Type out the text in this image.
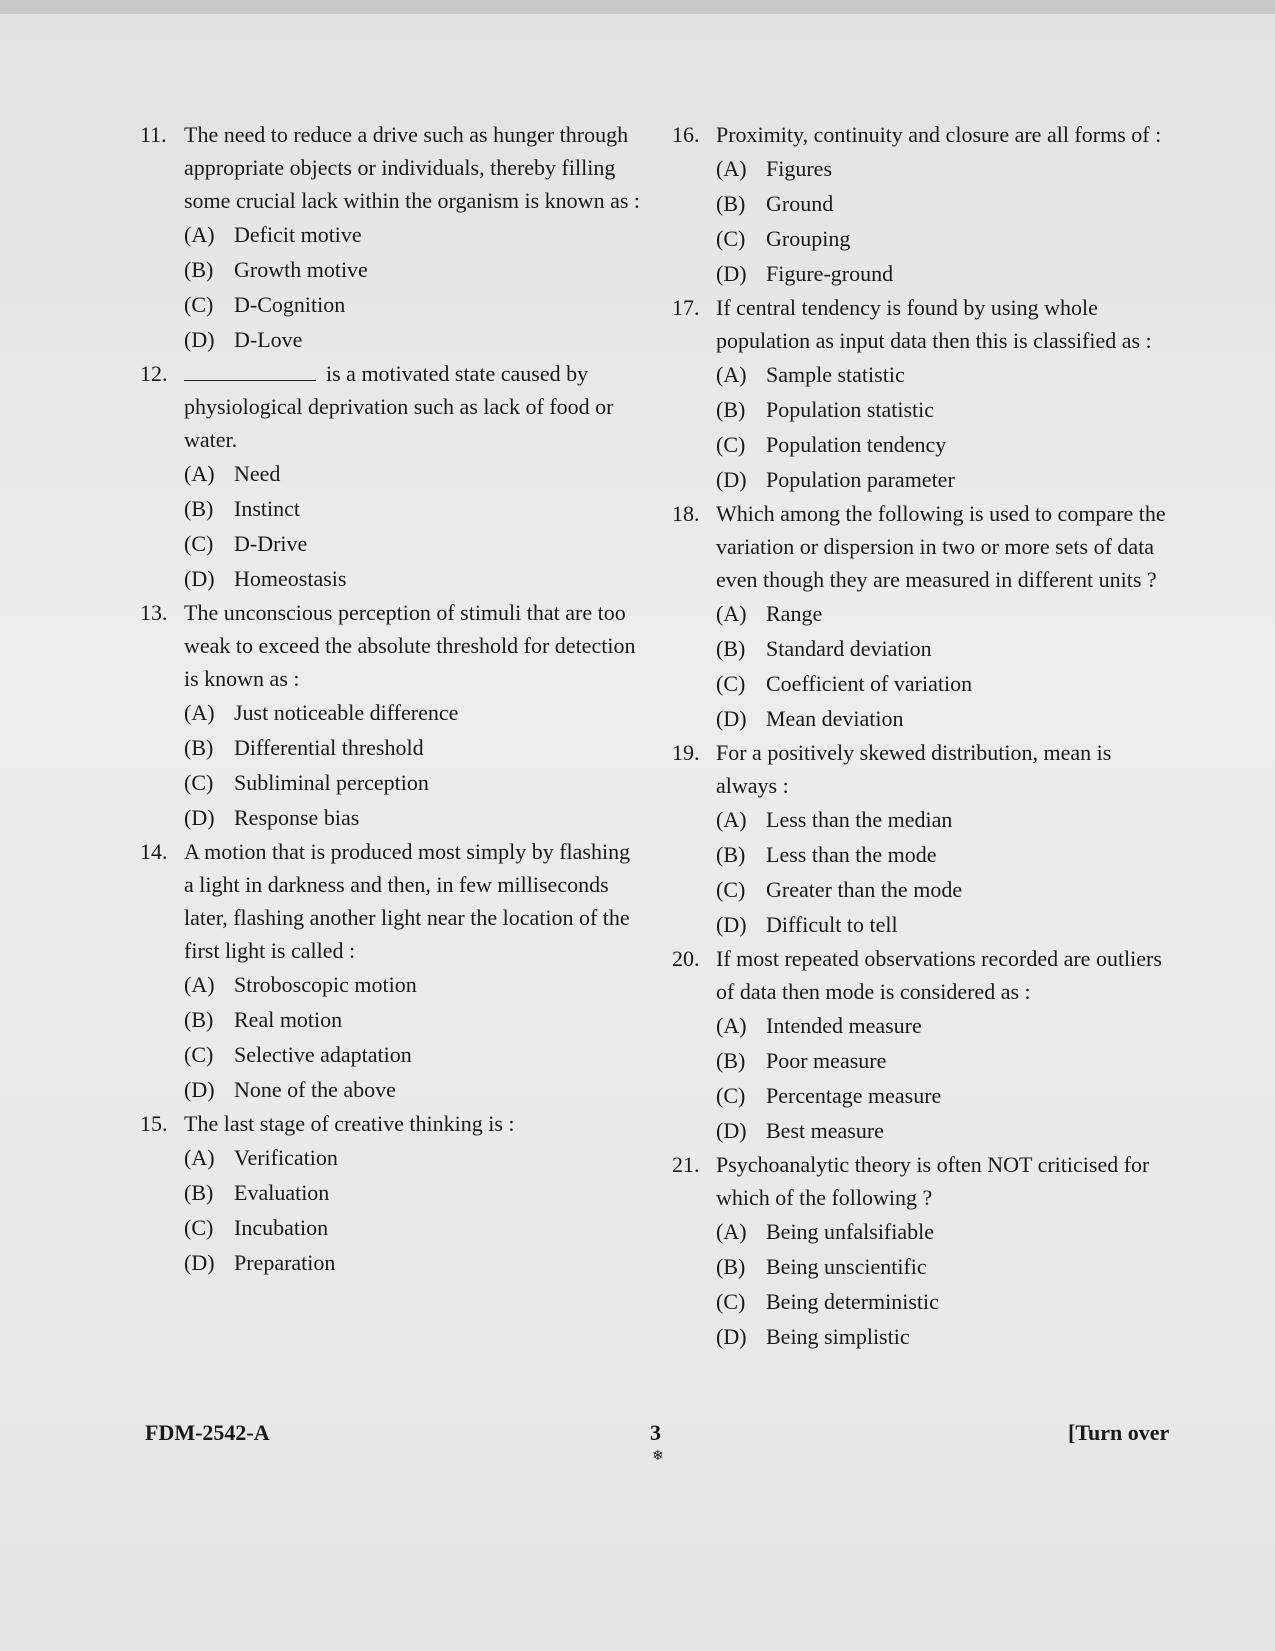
11. The need to reduce a drive such as hunger through appropriate objects or individuals, thereby filling some crucial lack within the organism is known as :
(A) Deficit motive
(B) Growth motive
(C) D-Cognition
(D) D-Love
12.	is a motivated state caused by physiological deprivation such as lack of food or water.
(A) Need
(B) Instinct
(C) D-Drive
(D) Homeostasis
13. The unconscious perception of stimuli that are too weak to exceed the absolute threshold for detection is known as :
(A) Just noticeable difference
(B) Differential threshold
(C) Subliminal perception
(D) Response bias
14. A motion that is produced most simply by flashing a light in darkness and then, in few milliseconds later, flashing another light near the location of the first light is called :
(A) Stroboscopic motion
(B) Real motion
(C) Selective adaptation
(D) None of the above
15. The last stage of creative thinking is :
(A) Verification
(B) Evaluation
(C) Incubation
(D) Preparation
16. Proximity, continuity and closure are all forms of :
(A) Figures
(B) Ground
(C) Grouping
(D) Figure-ground
17. If central tendency is found by using whole population as input data then this is classified as :
(A) Sample statistic
(B) Population statistic
(C) Population tendency
(D) Population parameter
18. Which among the following is used to compare the variation or dispersion in two or more sets of data even though they are measured in different units ?
(A) Range
(B) Standard deviation
(C) Coefficient of variation
(D) Mean deviation
19. For a positively skewed distribution, mean is always :
(A) Less than the median
(B) Less than the mode
(C) Greater than the mode
(D) Difficult to tell
20. If most repeated observations recorded are outliers of data then mode is considered as :
(A) Intended measure
(B) Poor measure
(C) Percentage measure
(D) Best measure
21. Psychoanalytic theory is often NOT criticised for which of the following ?
(A) Being unfalsifiable
(B) Being unscientific
(C) Being deterministic
(D) Being simplistic
FDM-2542-A	3
❄
[Turn over
